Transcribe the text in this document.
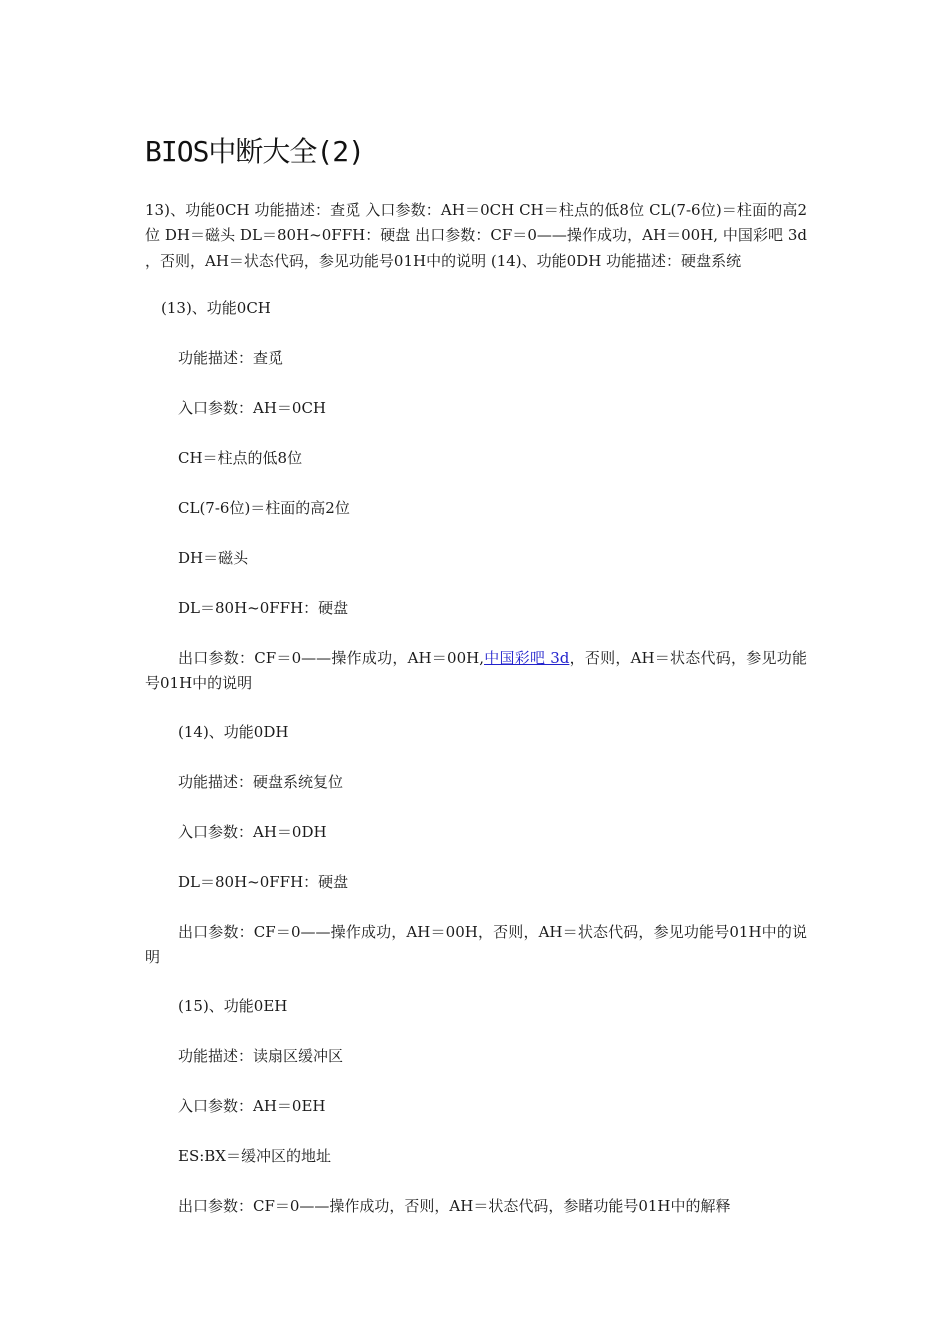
BIOS中断大全(2)

13)、功能0CH 功能描述：查觅 入口参数：AH＝0CH CH＝柱点的低8位 CL(7-6位)＝柱面的高2位 DH＝磁头 DL＝80H~0FFH：硬盘 出口参数：CF＝0——操作成功，AH＝00H, 中国彩吧 3d ，否则，AH＝状态代码，参见功能号01H中的说明 (14)、功能0DH 功能描述：硬盘系统

(13)、功能0CH

功能描述：查觅

入口参数：AH＝0CH

CH＝柱点的低8位

CL(7-6位)＝柱面的高2位

DH＝磁头

DL＝80H~0FFH：硬盘

出口参数：CF＝0——操作成功，AH＝00H,中国彩吧 3d，否则，AH＝状态代码，参见功能号01H中的说明

(14)、功能0DH

功能描述：硬盘系统复位

入口参数：AH＝0DH

DL＝80H~0FFH：硬盘

出口参数：CF＝0——操作成功，AH＝00H，否则，AH＝状态代码，参见功能号01H中的说明

(15)、功能0EH

功能描述：读扇区缓冲区

入口参数：AH＝0EH

ES:BX＝缓冲区的地址

出口参数：CF＝0——操作成功，否则，AH＝状态代码，参睹功能号01H中的解释
